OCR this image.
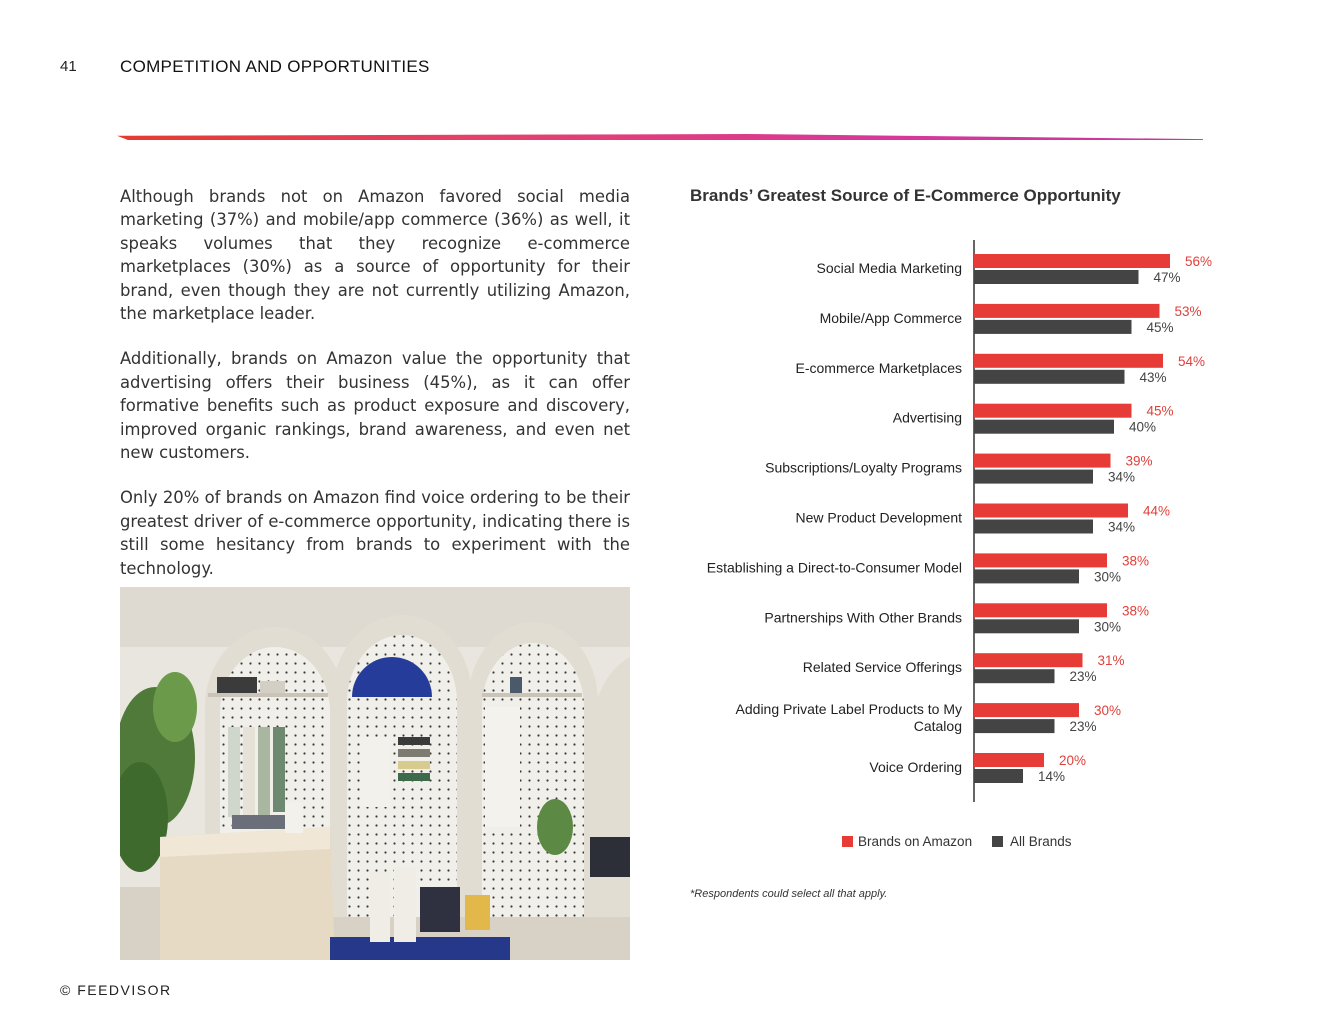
41	COMPETITION AND OPPORTUNITIES

Although brands not on Amazon favored social media marketing (37%) and mobile/app commerce (36%) as well, it speaks volumes that they recognize e-commerce marketplaces (30%) as a source of opportunity for their brand, even though they are not currently utilizing Amazon, the marketplace leader.

Additionally, brands on Amazon value the opportunity that advertising offers their business (45%), as it can offer formative benefits such as product exposure and discovery, improved organic rankings, brand awareness, and even net new customers.

Only 20% of brands on Amazon find voice ordering to be their greatest driver of e-commerce opportunity, indicating there is still some hesitancy from brands to experiment with the technology.

Brands’ Greatest Source of E-Commerce Opportunity
56%
47%
Social Media Marketing
53%
45%
Mobile/App Commerce
54%
43%
E-commerce Marketplaces
45%
40%
Advertising
39%
34%
Subscriptions/Loyalty Programs
44%
34%
New Product Development
38%
30%
Establishing a Direct-to-Consumer Model
38%
30%
Partnerships With Other Brands
31%
23%
Related Service Offerings
30%
23%
Adding Private Label Products to My Catalog
20%
14%
Voice Ordering
Brands on Amazon	All Brands
*Respondents could select all that apply.
© FEEDVISOR
